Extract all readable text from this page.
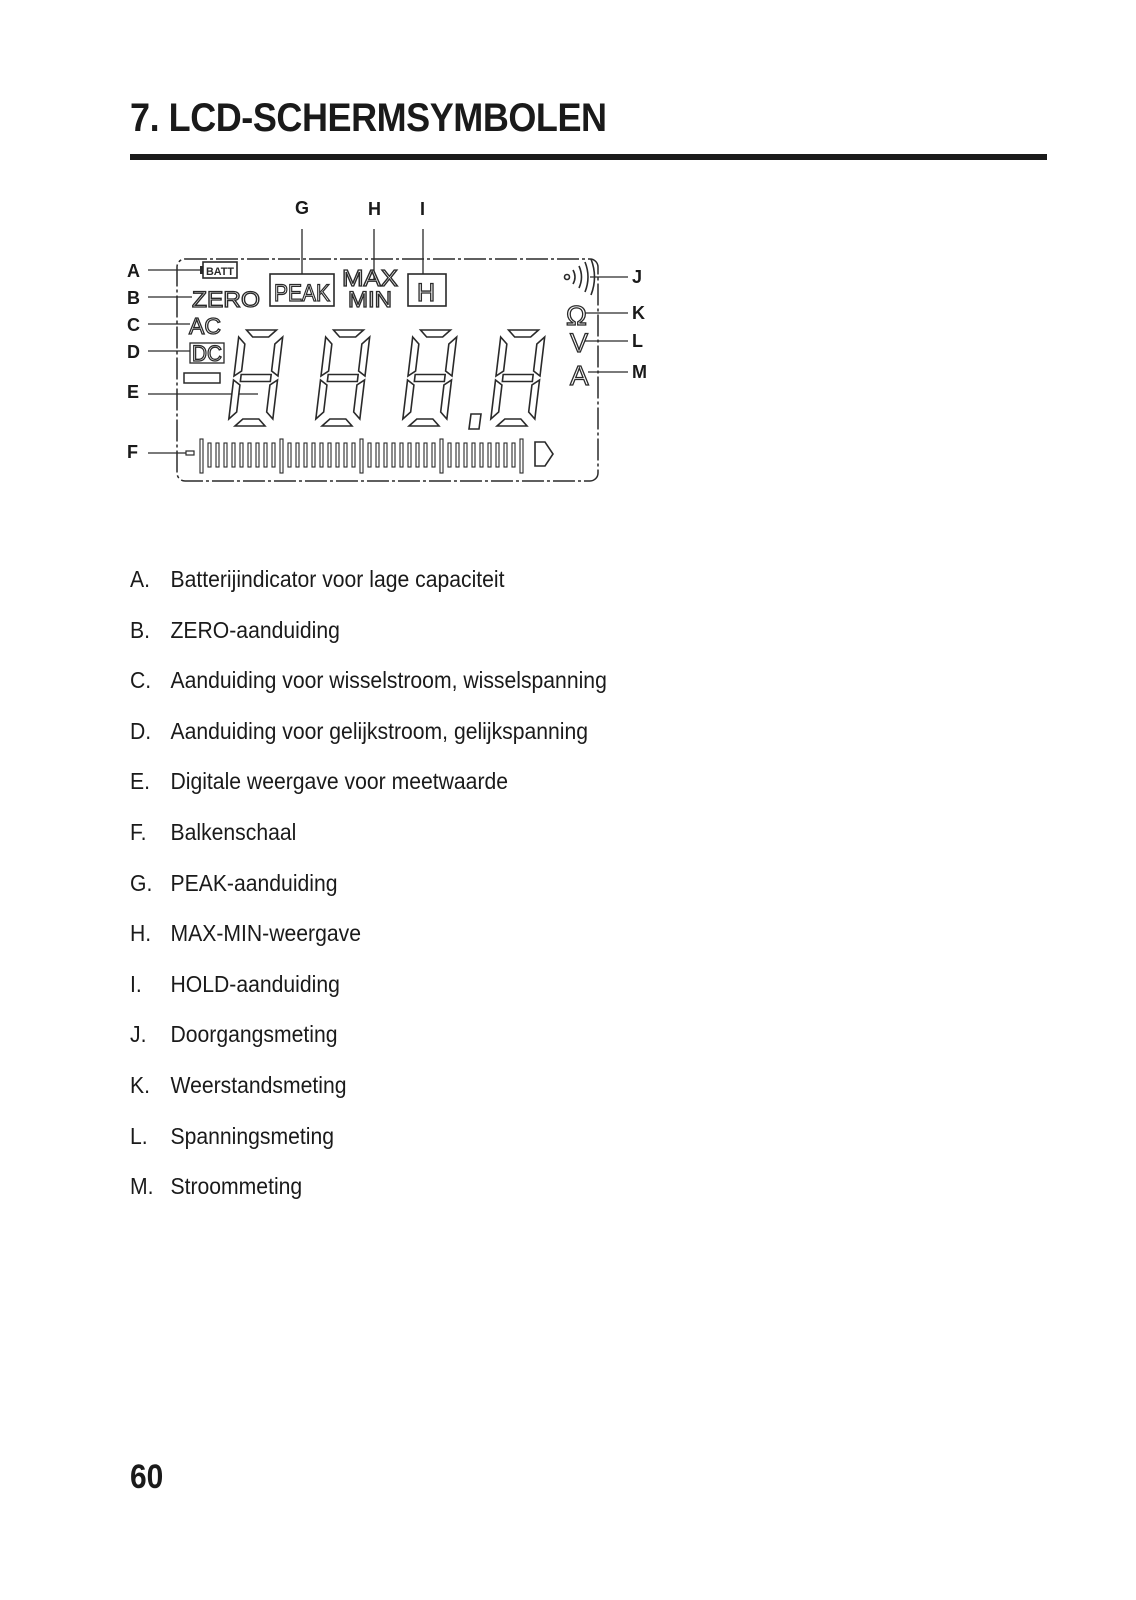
7. LCD-SCHERMSYMBOLEN
A
B
C
D
E
F
G	H I
J
K
L
M
BATT
ZERO
AC
DC
PEAK
MAX
MIN H
Ω
V
A
A. Batterijindicator voor lage capaciteit
B. ZERO-aanduiding
C. Aanduiding voor wisselstroom, wisselspanning
D. Aanduiding voor gelijkstroom, gelijkspanning
E. Digitale weergave voor meetwaarde
F.	Balkenschaal
G. PEAK-aanduiding
H. MAX-MIN-weergave
I.	HOLD-aanduiding
J.	Doorgangsmeting
K. Weerstandsmeting
L. Spanningsmeting
M. Stroommeting
60
